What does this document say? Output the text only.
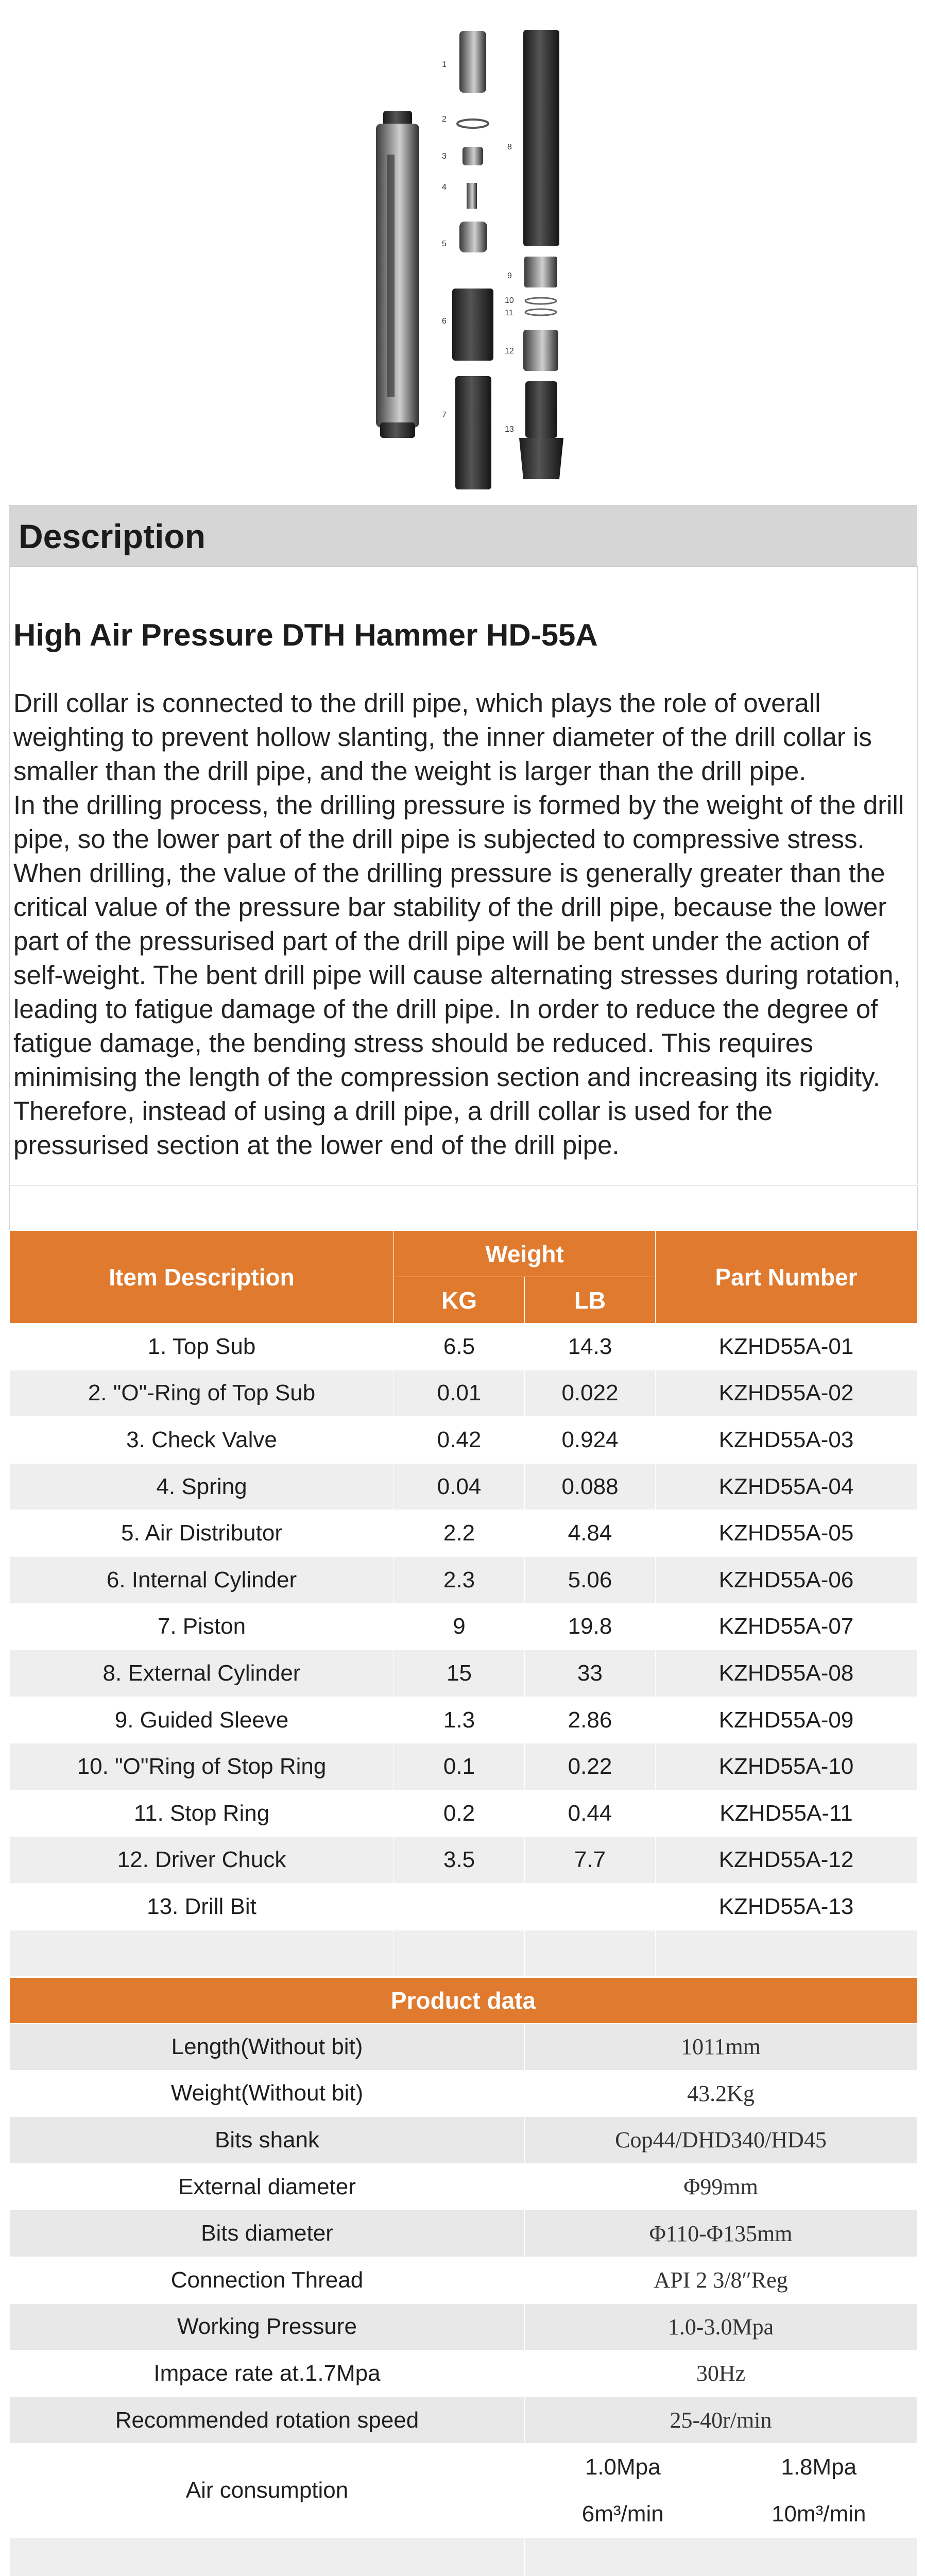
1
2
3
4
5
6
7
8
9
10
11
12
13
Description
High Air Pressure DTH Hammer HD-55A

Drill collar is connected to the drill pipe, which plays the role of overall weighting to prevent hollow slanting, the inner diameter of the drill collar is smaller than the drill pipe, and the weight is larger than the drill pipe.

In the drilling process, the drilling pressure is formed by the weight of the drill pipe, so the lower part of the drill pipe is subjected to compressive stress. When drilling, the value of the drilling pressure is generally greater than the critical value of the pressure bar stability of the drill pipe, because the lower part of the pressurised part of the drill pipe will be bent under the action of self-weight. The bent drill pipe will cause alternating stresses during rotation, leading to fatigue damage of the drill pipe. In order to reduce the degree of fatigue damage, the bending stress should be reduced. This requires minimising the length of the compression section and increasing its rigidity. Therefore, instead of using a drill pipe, a drill collar is used for the pressurised section at the lower end of the drill pipe.

Item Description	Weight		Part Number
	KG	LB	
1. Top Sub	6.5	14.3	KZHD55A-01
2. "O"-Ring of Top Sub	0.01	0.022	KZHD55A-02
3. Check Valve	0.42	0.924	KZHD55A-03
4. Spring	0.04	0.088	KZHD55A-04
5. Air Distributor	2.2	4.84	KZHD55A-05
6. Internal Cylinder	2.3	5.06	KZHD55A-06
7. Piston	9	19.8	KZHD55A-07
8. External Cylinder	15	33	KZHD55A-08
9. Guided Sleeve	1.3	2.86	KZHD55A-09
10. "O"Ring of Stop Ring	0.1	0.22	KZHD55A-10
11. Stop Ring	0.2	0.44	KZHD55A-11
12. Driver Chuck	3.5	7.7	KZHD55A-12
13. Drill Bit			KZHD55A-13

Product data	
Length(Without bit)	1011mm
Weight(Without bit)	43.2Kg
Bits shank	Cop44/DHD340/HD45
External diameter	Φ99mm
Bits diameter	Φ110-Φ135mm
Connection Thread	API 2 3/8″Reg
Working Pressure	1.0-3.0Mpa
Impace rate at.1.7Mpa	30Hz
Recommended rotation speed	25-40r/min
Air consumption	1.0Mpa 1.8Mpa
6m³/min 10m³/min
